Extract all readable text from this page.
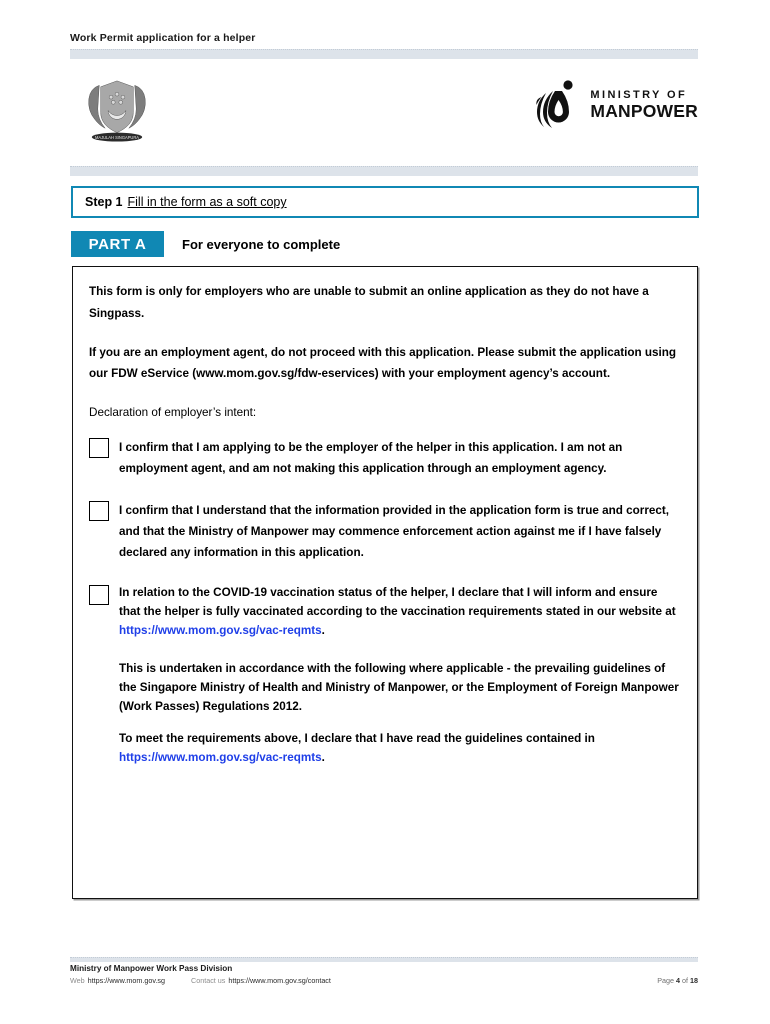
Work Permit application for a helper
MAJULAH SINGAPURA
MINISTRY OF
MANPOWER
Step 1 Fill in the form as a soft copy
PART A	For everyone to complete

This form is only for employers who are unable to submit an online application as they do not have a Singpass.

If you are an employment agent, do not proceed with this application. Please submit the application using our FDW eService (www.mom.gov.sg/fdw-eservices) with your employment agency’s account.

Declaration of employer’s intent:

I confirm that I am applying to be the employer of the helper in this application. I am not an employment agent, and am not making this application through an employment agency.
I confirm that I understand that the information provided in the application form is true and correct, and that the Ministry of Manpower may commence enforcement action against me if I have falsely declared any information in this application.
In relation to the COVID-19 vaccination status of the helper, I declare that I will inform and ensure that the helper is fully vaccinated according to the vaccination requirements stated in our website at https://www.mom.gov.sg/vac-reqmts.

This is undertaken in accordance with the following where applicable - the prevailing guidelines of the Singapore Ministry of Health and Ministry of Manpower, or the Employment of Foreign Manpower (Work Passes) Regulations 2012.

To meet the requirements above, I declare that I have read the guidelines contained in https://www.mom.gov.sg/vac-reqmts.

Ministry of Manpower Work Pass Division
Web https://www.mom.gov.sg	Contact us https://www.mom.gov.sg/contact	Page 4 of 18
